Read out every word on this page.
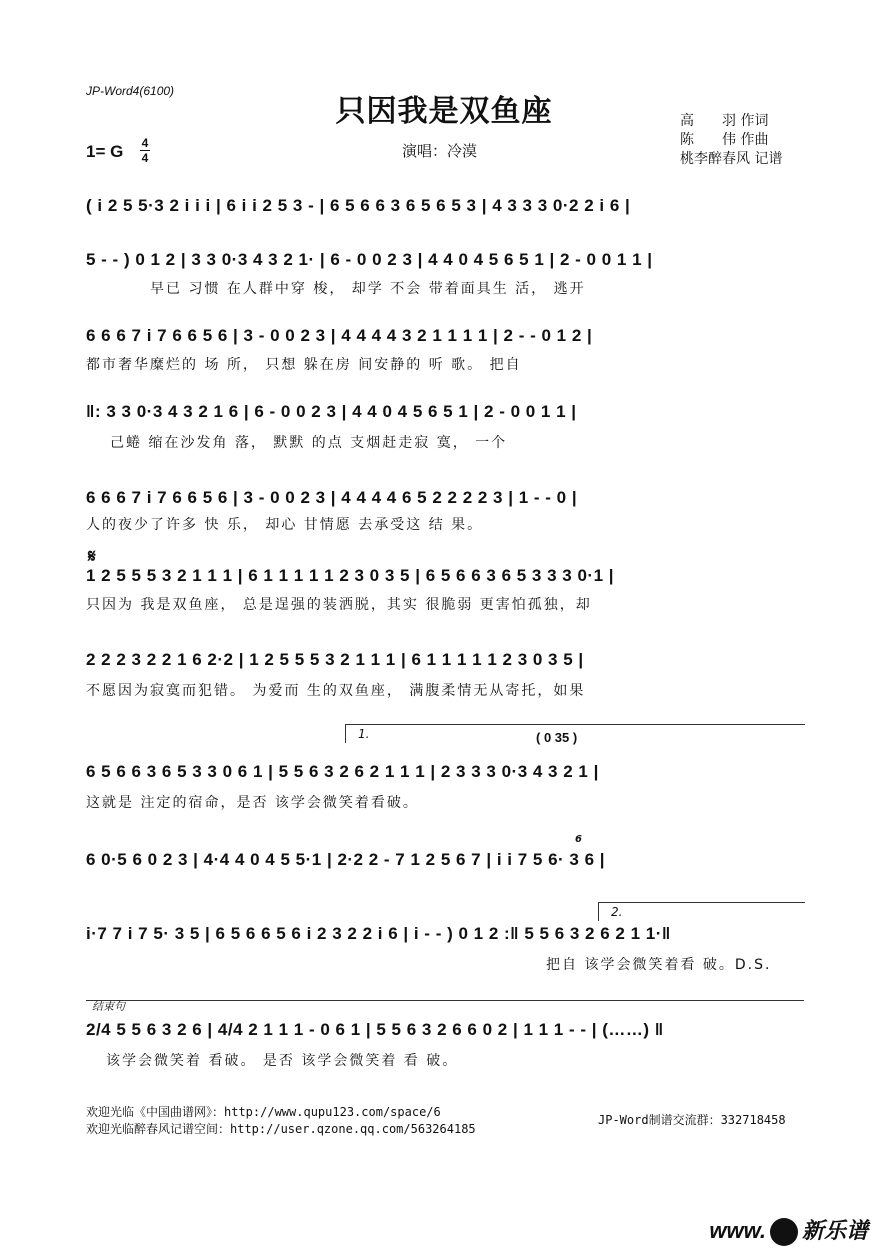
JP-Word4(6100)
只因我是双鱼座
1= G 4
4	演唱：冷漠
高　　羽 作词
陈　　伟 作曲
桃李醉春风 记谱
( i 2 5 5·3 2 i i i | 6 i i 2 5 3 - | 6 5 6 6 3 6 5 6 5 3 | 4 3 3 3 0·2 2 i 6 |
5 - - ) 0 1 2 | 3 3 0·3 4 3 2 1· | 6 - 0 0 2 3 | 4 4 0 4 5 6 5 1 | 2 - 0 0 1 1 |
早已 习惯 在人群中穿 梭， 却学 不会 带着面具生 活， 逃开
6 6 6 7 i 7 6 6 5 6 | 3 - 0 0 2 3 | 4 4 4 4 3 2 1 1 1 1 | 2 - - 0 1 2 |
都市奢华糜烂的 场 所， 只想 躲在房 间安静的 听 歌。 把自
‖: 3 3 0·3 4 3 2 1 6 | 6 - 0 0 2 3 | 4 4 0 4 5 6 5 1 | 2 - 0 0 1 1 |
己蜷 缩在沙发角 落， 默默 的点 支烟赶走寂 寞， 一个
6 6 6 7 i 7 6 6 5 6 | 3 - 0 0 2 3 | 4 4 4 4 6 5 2 2 2 2 3 | 1 - - 0 |
人的夜少了许多 快 乐， 却心 甘情愿 去承受这 结 果。
𝄋
1 2 5 5 5 3 2 1 1 1 | 6 1 1 1 1 1 2 3 0 3 5 | 6 5 6 6 3 6 5 3 3 3 0·1 |
只因为 我是双鱼座， 总是逞强的装洒脱，其实 很脆弱 更害怕孤独，却
2 2 2 3 2 2 1 6 2·2 | 1 2 5 5 5 3 2 1 1 1 | 6 1 1 1 1 1 2 3 0 3 5 |
不愿因为寂寞而犯错。 为爱而 生的双鱼座， 满腹柔情无从寄托，如果
1.	( 0 35 )
6 5 6 6 3 6 5 3 3 0 6 1 | 5 5 6 3 2 6 2 1 1 1 | 2 3 3 3 0·3 4 3 2 1 |
这就是 注定的宿命，是否 该学会微笑着看破。
6
6 0·5 6 0 2 3 | 4·4 4 0 4 5 5·1 | 2·2 2 - 7 1 2 5 6 7 | i i 7 5 6· 3 6 |
2.
i·7 7 i 7 5· 3 5 | 6 5 6 6 5 6 i 2 3 2 2 i 6 | i - - ) 0 1 2 :‖ 5 5 6 3 2 6 2 1 1·‖
把自 该学会微笑着看 破。D.S.
结束句
2/4 5 5 6 3 2 6 | 4/4 2 1 1 1 - 0 6 1 | 5 5 6 3 2 6 6 0 2 | 1 1 1 - - | (……) ‖
该学会微笑着 看破。 是否 该学会微笑着 看 破。
欢迎光临《中国曲谱网》：http://www.qupu123.com/space/6
欢迎光临醉春风记谱空间：http://user.qzone.qq.com/563264185
JP-Word制谱交流群：332718458
www. 新乐谱
